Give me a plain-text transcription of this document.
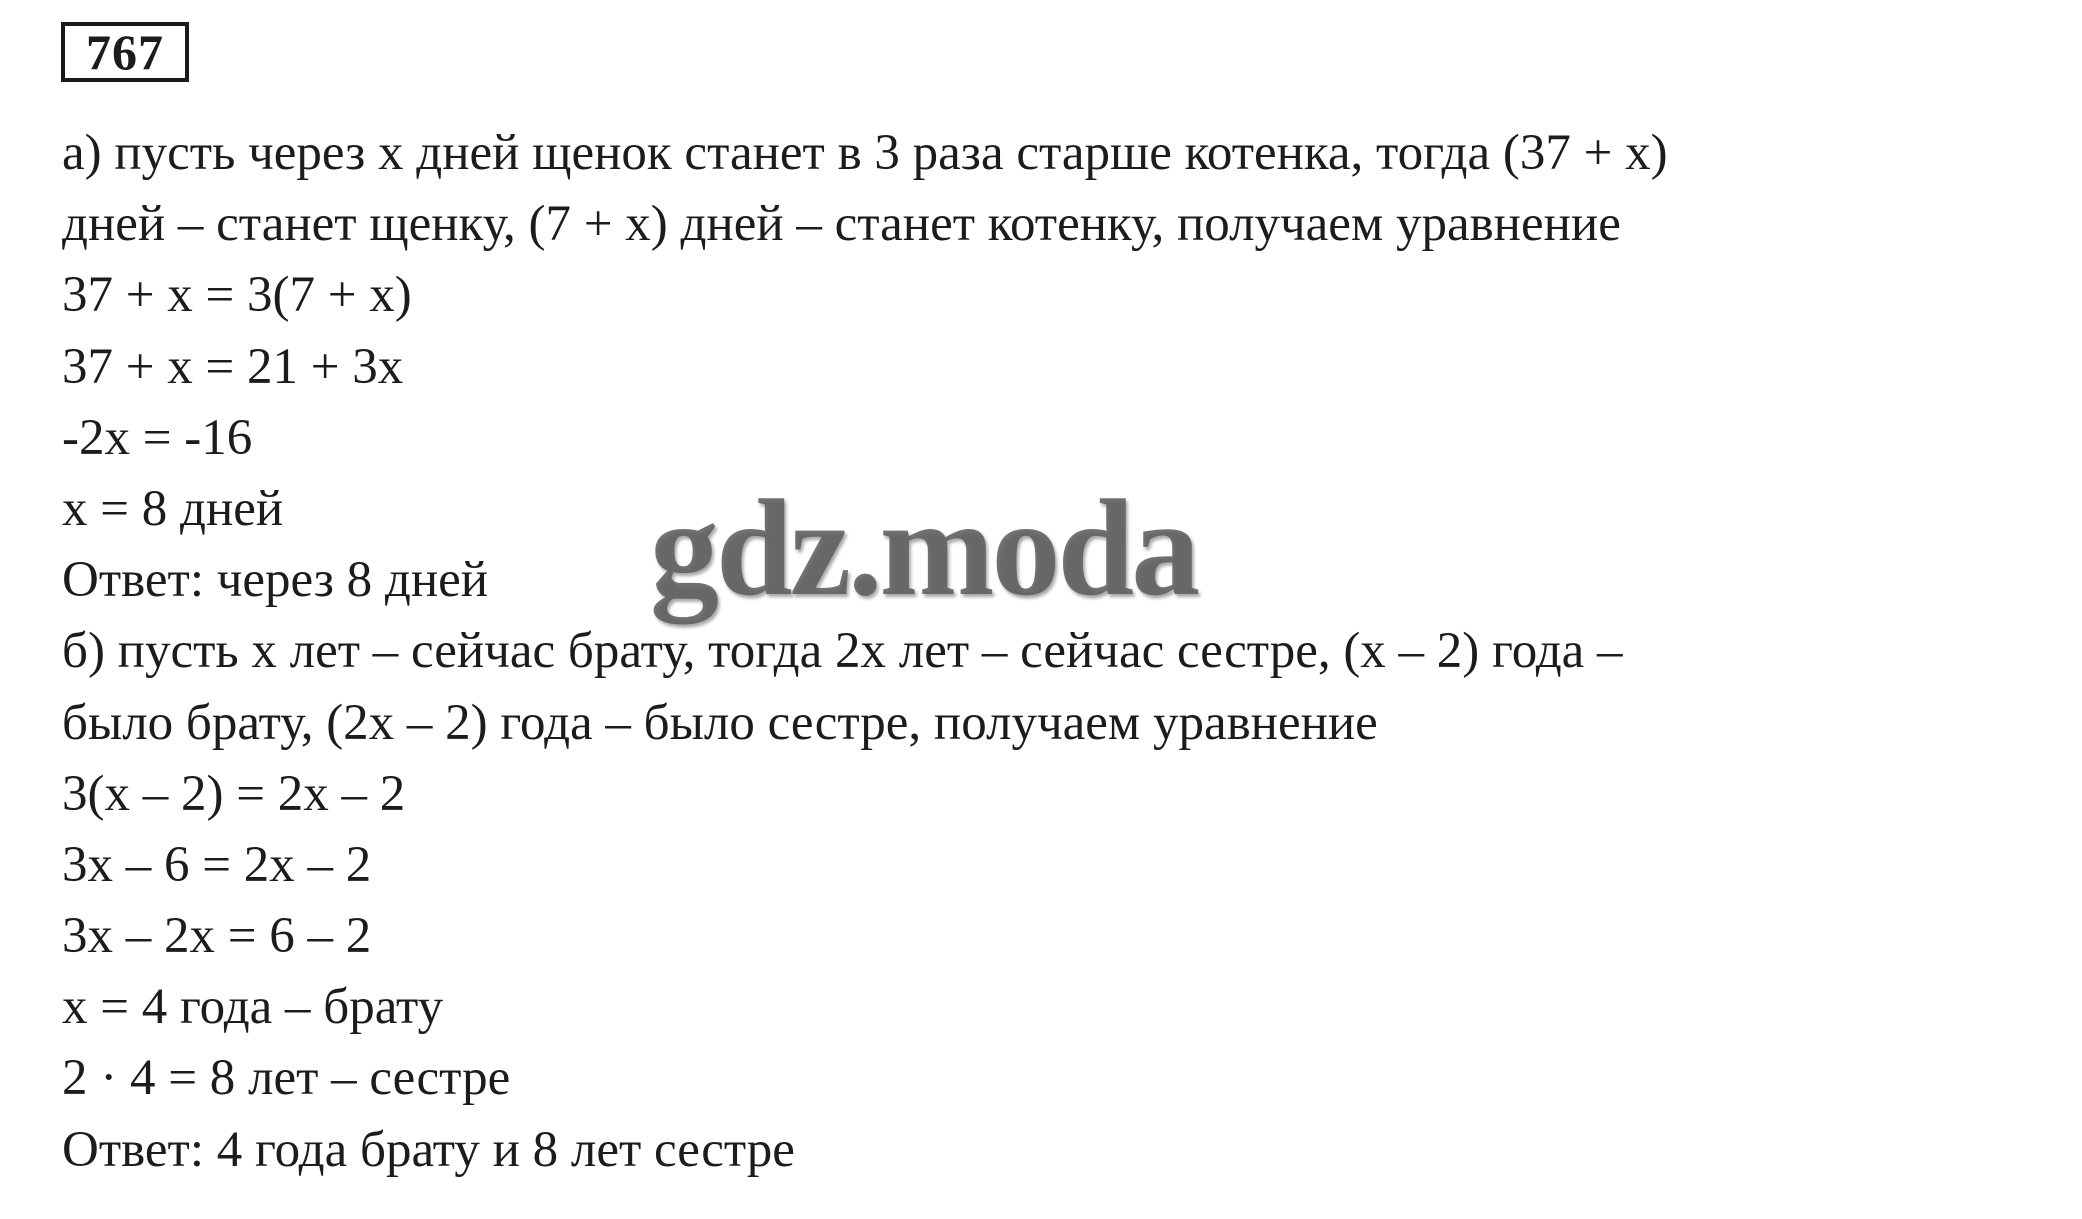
767
а) пусть через х дней щенок станет в 3 раза старше котенка, тогда (37 + х)
дней – станет щенку, (7 + х) дней – станет котенку, получаем уравнение
37 + х = 3(7 + х)
37 + х = 21 + 3х
-2х = -16
х = 8 дней
Ответ: через 8 дней
б) пусть х лет – сейчас брату, тогда 2х лет – сейчас сестре, (х – 2) года –
было брату, (2х – 2) года – было сестре, получаем уравнение
3(х – 2) = 2х – 2
3х – 6 = 2х – 2
3х – 2х = 6 – 2
х = 4 года – брату
2 · 4 = 8 лет – сестре
Ответ: 4 года брату и 8 лет сестре
gdz.moda
